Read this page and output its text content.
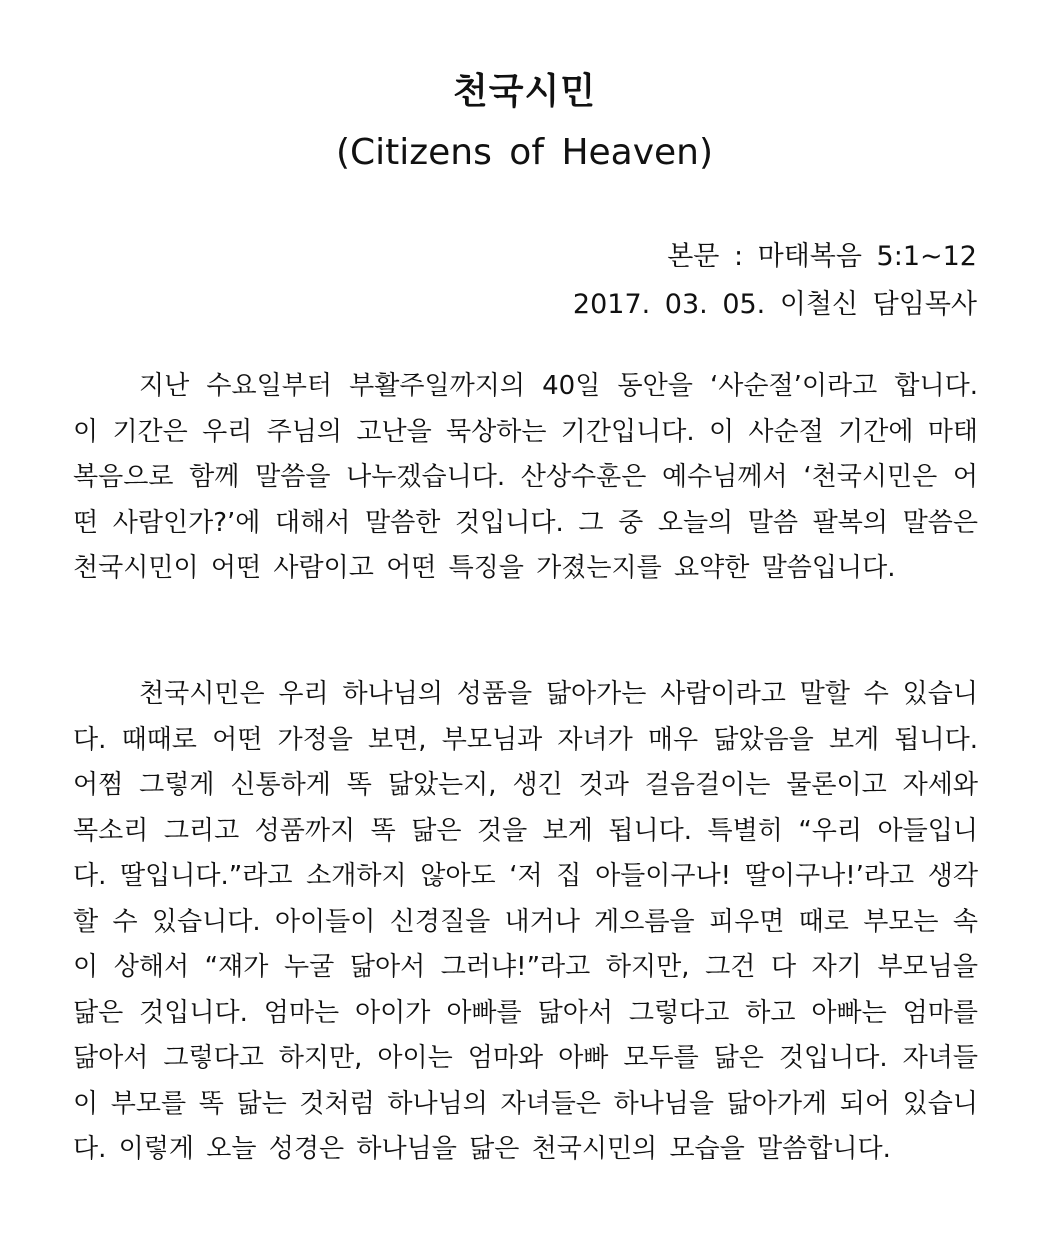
천국시민
(Citizens of Heaven)
본문 : 마태복음 5:1~12
2017. 03. 05. 이철신 담임목사

지난 수요일부터 부활주일까지의 40일 동안을 ‘사순절’이라고 합니다. 이 기간은 우리 주님의 고난을 묵상하는 기간입니다. 이 사순절 기간에 마태복음으로 함께 말씀을 나누겠습니다. 산상수훈은 예수님께서 ‘천국시민은 어떤 사람인가?’에 대해서 말씀한 것입니다. 그 중 오늘의 말씀 팔복의 말씀은 천국시민이 어떤 사람이고 어떤 특징을 가졌는지를 요약한 말씀입니다.

천국시민은 우리 하나님의 성품을 닮아가는 사람이라고 말할 수 있습니다. 때때로 어떤 가정을 보면, 부모님과 자녀가 매우 닮았음을 보게 됩니다. 어쩜 그렇게 신통하게 똑 닮았는지, 생긴 것과 걸음걸이는 물론이고 자세와 목소리 그리고 성품까지 똑 닮은 것을 보게 됩니다. 특별히 “우리 아들입니다. 딸입니다.”라고 소개하지 않아도 ‘저 집 아들이구나! 딸이구나!’라고 생각할 수 있습니다. 아이들이 신경질을 내거나 게으름을 피우면 때로 부모는 속이 상해서 “쟤가 누굴 닮아서 그러냐!”라고 하지만, 그건 다 자기 부모님을 닮은 것입니다. 엄마는 아이가 아빠를 닮아서 그렇다고 하고 아빠는 엄마를 닮아서 그렇다고 하지만, 아이는 엄마와 아빠 모두를 닮은 것입니다. 자녀들이 부모를 똑 닮는 것처럼 하나님의 자녀들은 하나님을 닮아가게 되어 있습니다. 이렇게 오늘 성경은 하나님을 닮은 천국시민의 모습을 말씀합니다.
